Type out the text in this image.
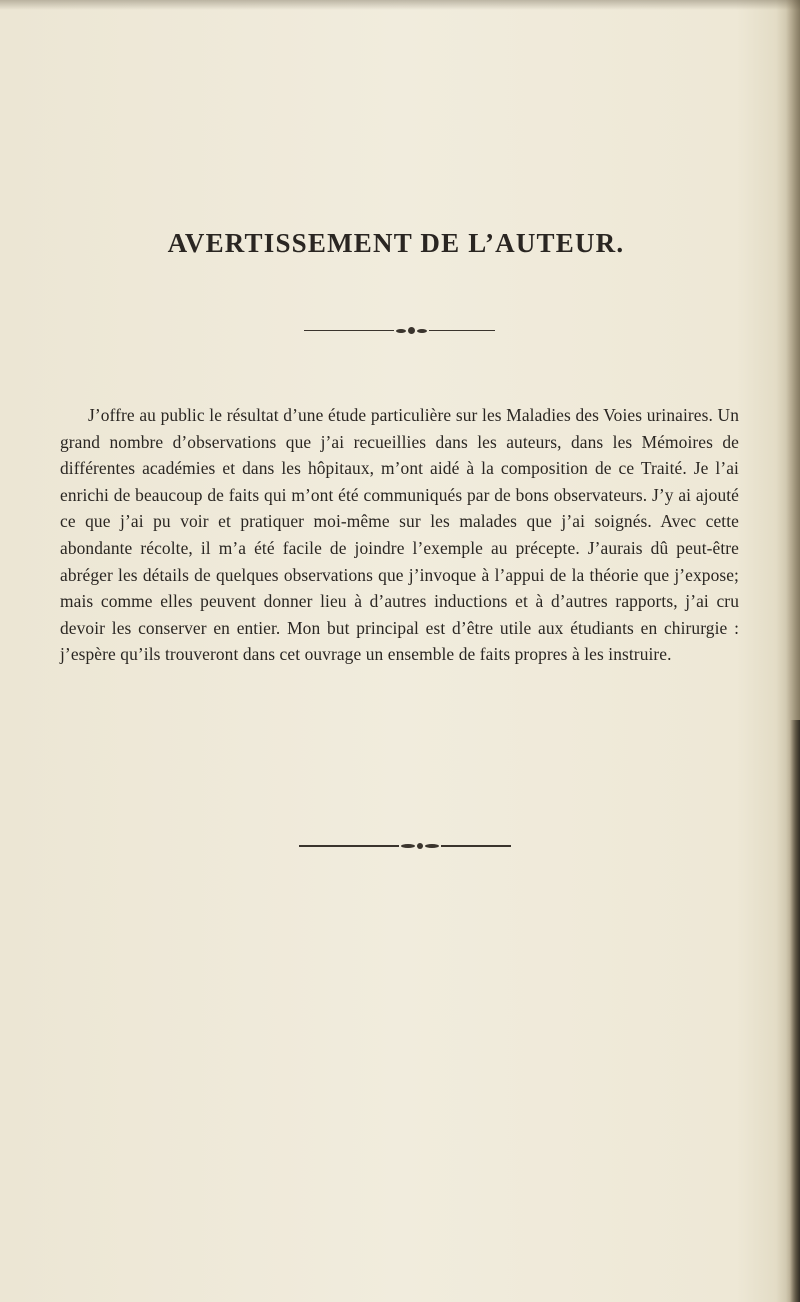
AVERTISSEMENT DE L’AUTEUR.
J’offre au public le résultat d’une étude particulière sur les Maladies des Voies urinaires. Un grand nombre d’observations que j’ai recueillies dans les auteurs, dans les Mémoires de différentes académies et dans les hôpitaux, m’ont aidé à la composition de ce Traité. Je l’ai enrichi de beaucoup de faits qui m’ont été communiqués par de bons observateurs. J’y ai ajouté ce que j’ai pu voir et pratiquer moi-même sur les malades que j’ai soignés. Avec cette abondante récolte, il m’a été facile de joindre l’exemple au précepte. J’aurais dû peut-être abréger les détails de quelques observations que j’invoque à l’appui de la théorie que j’expose; mais comme elles peuvent donner lieu à d’autres inductions et à d’autres rapports, j’ai cru devoir les conserver en entier. Mon but principal est d’être utile aux étudiants en chirurgie : j’espère qu’ils trouveront dans cet ouvrage un ensemble de faits propres à les instruire.
